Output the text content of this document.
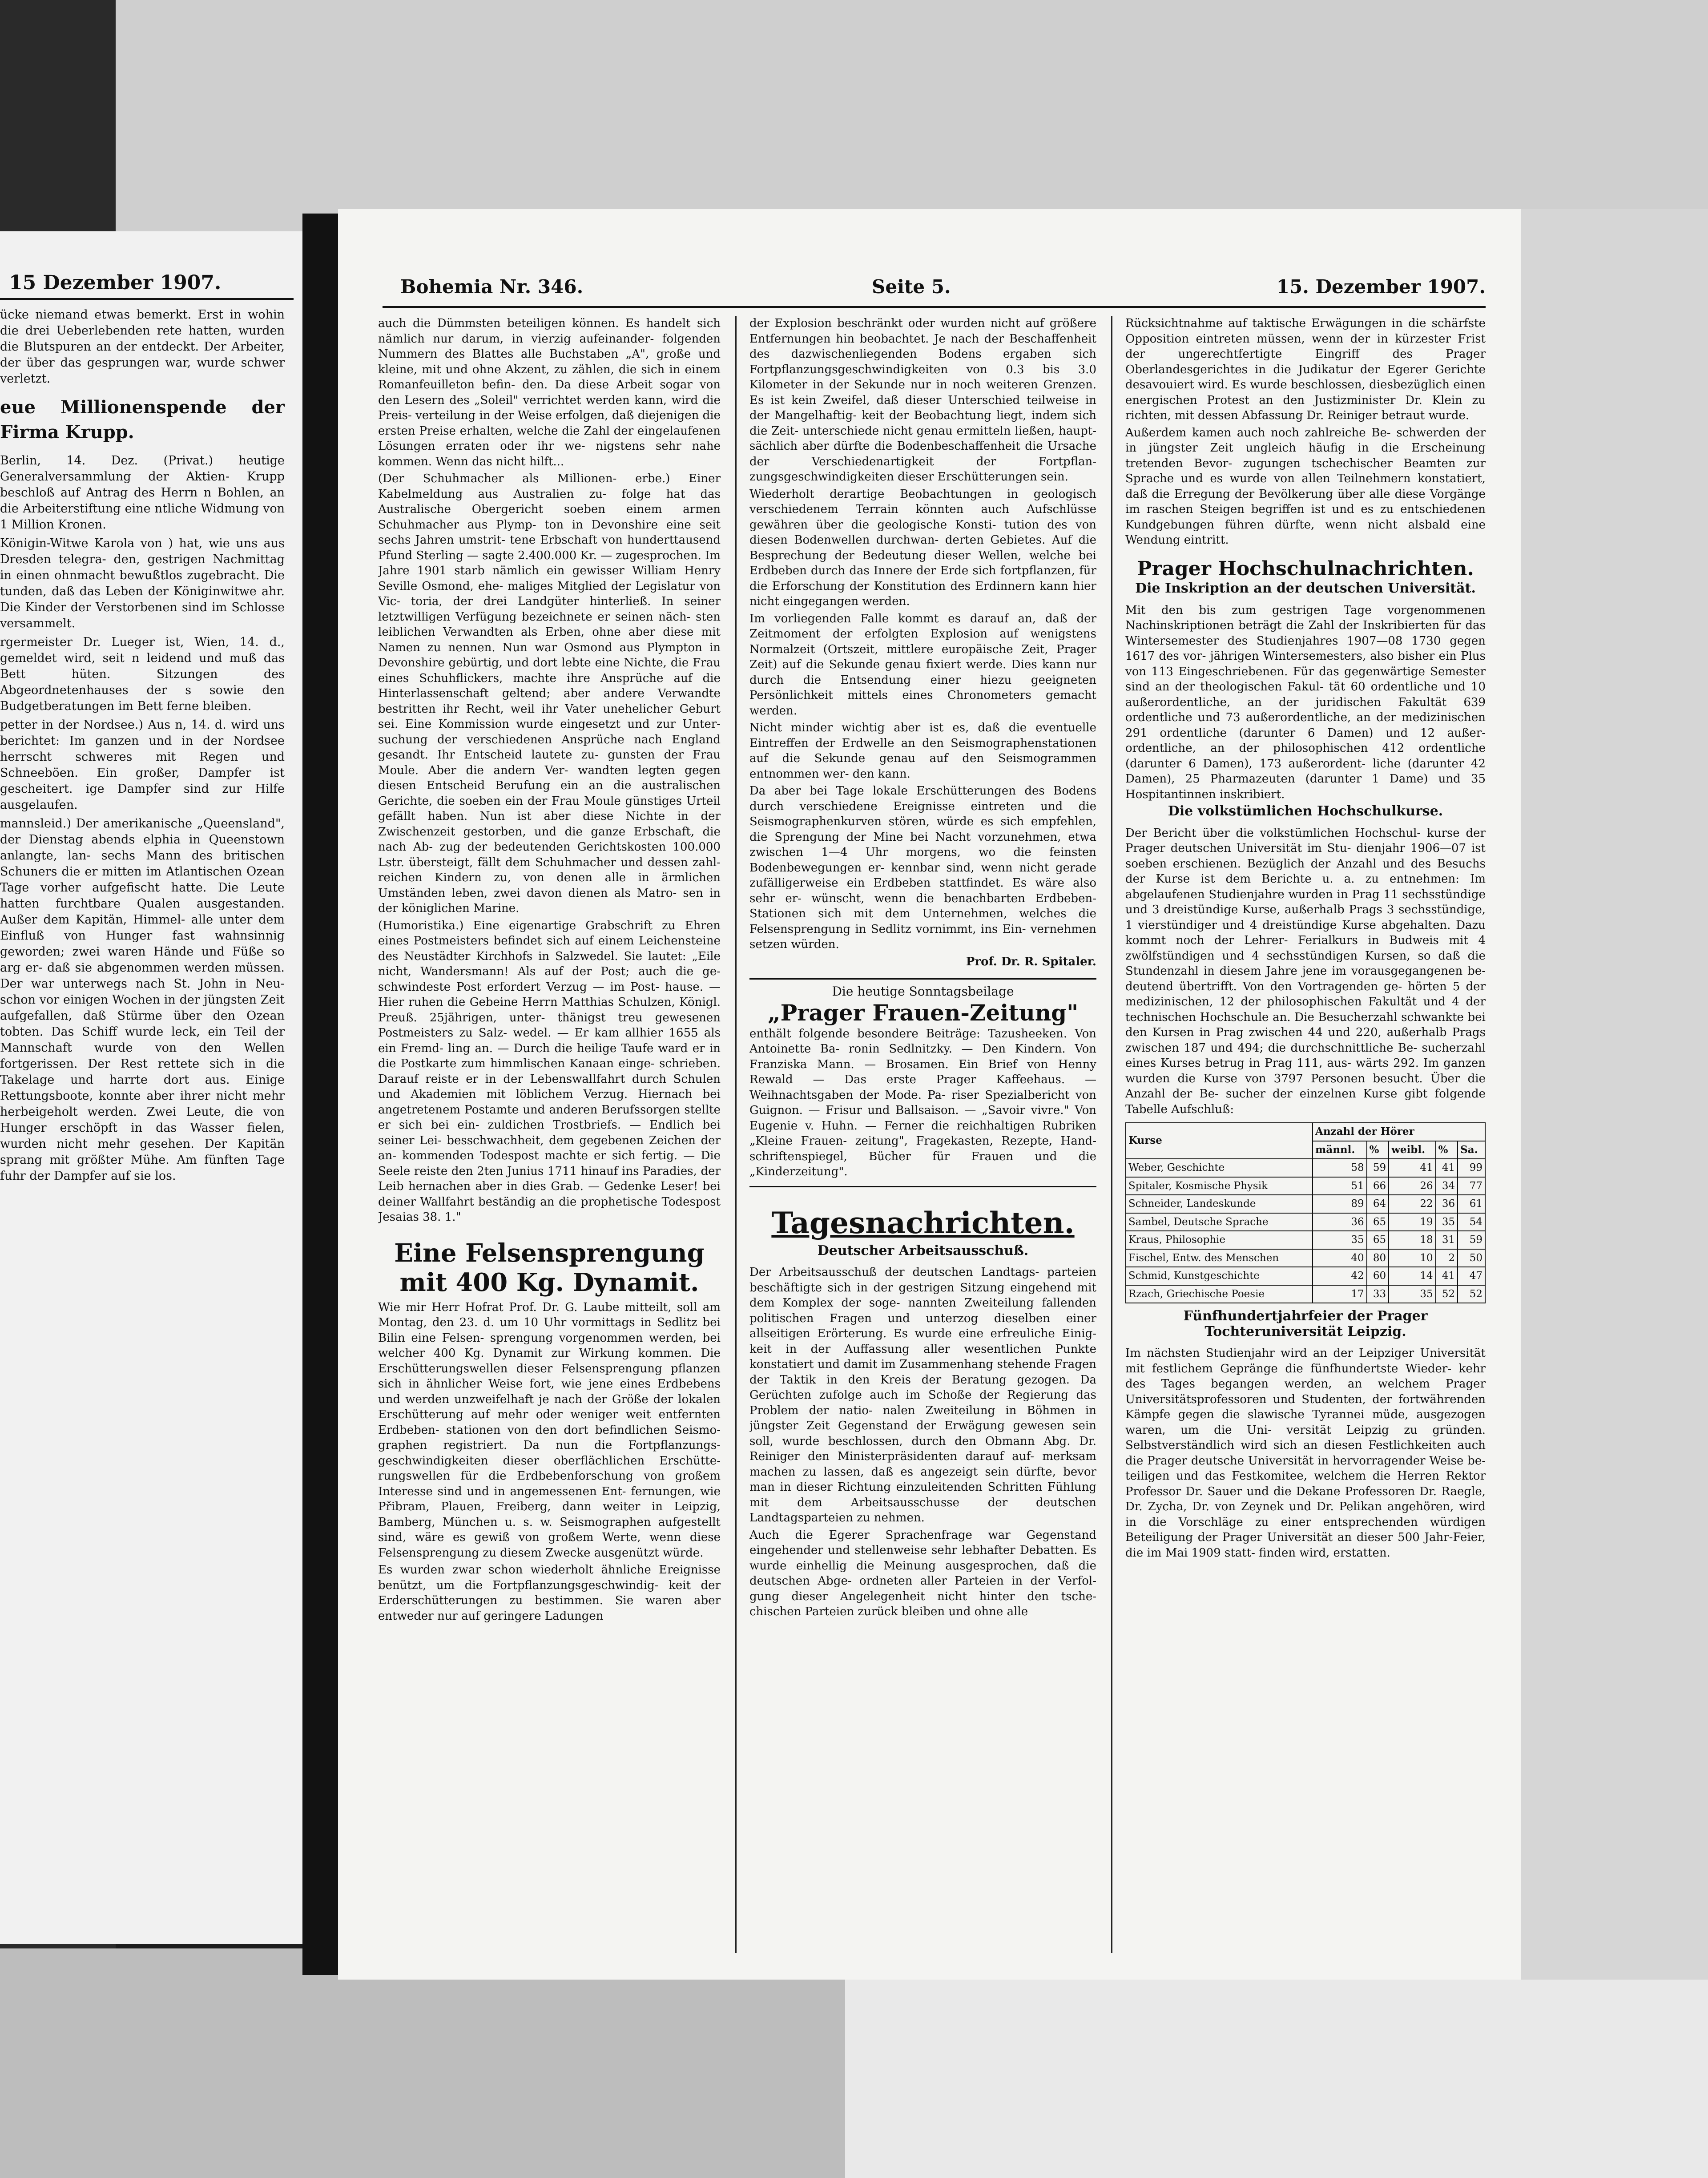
15 Dezember 1907.

ücke niemand etwas bemerkt. Erst in wohin die drei Ueberlebenden rete hatten, wurden die Blutspuren an der entdeckt. Der Arbeiter, der über das gesprungen war, wurde schwer verletzt.

eue Millionenspende der Firma Krupp.

Berlin, 14. Dez. (Privat.) heutige Generalversammlung der Aktien- Krupp beschloß auf Antrag des Herrn n Bohlen, an die Arbeiterstiftung eine ntliche Widmung von 1 Million Kronen.

Königin-Witwe Karola von ) hat, wie uns aus Dresden telegra- den, gestrigen Nachmittag in einen ohnmacht bewußtlos zugebracht. Die tunden, daß das Leben der Königinwitwe ahr. Die Kinder der Verstorbenen sind im Schlosse versammelt.

rgermeister Dr. Lueger ist, Wien, 14. d., gemeldet wird, seit n leidend und muß das Bett hüten. Sitzungen des Abgeordnetenhauses der s sowie den Budgetberatungen im Bett ferne bleiben.

petter in der Nordsee.) Aus n, 14. d. wird uns berichtet: Im ganzen und in der Nordsee herrscht schweres mit Regen und Schneeböen. Ein großer, Dampfer ist gescheitert. ige Dampfer sind zur Hilfe ausgelaufen.

mannsleid.) Der amerikanische „Queensland", der Dienstag abends elphia in Queenstown anlangte, lan- sechs Mann des britischen Schuners die er mitten im Atlantischen Ozean Tage vorher aufgefischt hatte. Die Leute hatten furchtbare Qualen ausgestanden. Außer dem Kapitän, Himmel- alle unter dem Einfluß von Hunger fast wahnsinnig geworden; zwei waren Hände und Füße so arg er- daß sie abgenommen werden müssen. Der war unterwegs nach St. John in Neu- schon vor einigen Wochen in der jüngsten Zeit aufgefallen, daß Stürme über den Ozean tobten. Das Schiff wurde leck, ein Teil der Mannschaft wurde von den Wellen fortgerissen. Der Rest rettete sich in die Takelage und harrte dort aus. Einige Rettungsboote, konnte aber ihrer nicht mehr herbeigeholt werden. Zwei Leute, die von Hunger erschöpft in das Wasser fielen, wurden nicht mehr gesehen. Der Kapitän sprang mit größter Mühe. Am fünften Tage fuhr der Dampfer auf sie los.

Bohemia Nr. 346.	Seite 5.	15. Dezember 1907.

auch die Dümmsten beteiligen können. Es handelt sich nämlich nur darum, in vierzig aufeinander- folgenden Nummern des Blattes alle Buchstaben „A", große und kleine, mit und ohne Akzent, zu zählen, die sich in einem Romanfeuilleton befin- den. Da diese Arbeit sogar von den Lesern des „Soleil" verrichtet werden kann, wird die Preis- verteilung in der Weise erfolgen, daß diejenigen die ersten Preise erhalten, welche die Zahl der eingelaufenen Lösungen erraten oder ihr we- nigstens sehr nahe kommen. Wenn das nicht hilft...

(Der Schuhmacher als Millionen- erbe.) Einer Kabelmeldung aus Australien zu- folge hat das Australische Obergericht soeben einem armen Schuhmacher aus Plymp- ton in Devonshire eine seit sechs Jahren umstrit- tene Erbschaft von hunderttausend Pfund Sterling — sagte 2.400.000 Kr. — zugesprochen. Im Jahre 1901 starb nämlich ein gewisser William Henry Seville Osmond, ehe- maliges Mitglied der Legislatur von Vic- toria, der drei Landgüter hinterließ. In seiner letztwilligen Verfügung bezeichnete er seinen näch- sten leiblichen Verwandten als Erben, ohne aber diese mit Namen zu nennen. Nun war Osmond aus Plympton in Devonshire gebürtig, und dort lebte eine Nichte, die Frau eines Schuhflickers, machte ihre Ansprüche auf die Hinterlassenschaft geltend; aber andere Verwandte bestritten ihr Recht, weil ihr Vater unehelicher Geburt sei. Eine Kommission wurde eingesetzt und zur Unter- suchung der verschiedenen Ansprüche nach England gesandt. Ihr Entscheid lautete zu- gunsten der Frau Moule. Aber die andern Ver- wandten legten gegen diesen Entscheid Berufung ein an die australischen Gerichte, die soeben ein der Frau Moule günstiges Urteil gefällt haben. Nun ist aber diese Nichte in der Zwischenzeit gestorben, und die ganze Erbschaft, die nach Ab- zug der bedeutenden Gerichtskosten 100.000 Lstr. übersteigt, fällt dem Schuhmacher und dessen zahl- reichen Kindern zu, von denen alle in ärmlichen Umständen leben, zwei davon dienen als Matro- sen in der königlichen Marine.

(Humoristika.) Eine eigenartige Grabschrift zu Ehren eines Postmeisters befindet sich auf einem Leichensteine des Neustädter Kirchhofs in Salzwedel. Sie lautet: „Eile nicht, Wandersmann! Als auf der Post; auch die ge- schwindeste Post erfordert Verzug — im Post- hause. — Hier ruhen die Gebeine Herrn Matthias Schulzen, Königl. Preuß. 25jährigen, unter- thänigst treu gewesenen Postmeisters zu Salz- wedel. — Er kam allhier 1655 als ein Fremd- ling an. — Durch die heilige Taufe ward er in die Postkarte zum himmlischen Kanaan einge- schrieben. Darauf reiste er in der Lebenswallfahrt durch Schulen und Akademien mit löblichem Verzug. Hiernach bei angetretenem Postamte und anderen Berufssorgen stellte er sich bei ein- zuldichen Trostbriefs. — Endlich bei seiner Lei- besschwachheit, dem gegebenen Zeichen der an- kommenden Todespost machte er sich fertig. — Die Seele reiste den 2ten Junius 1711 hinauf ins Paradies, der Leib hernachen aber in dies Grab. — Gedenke Leser! bei deiner Wallfahrt beständig an die prophetische Todespost Jesaias 38. 1."

Eine Felsensprengung mit 400 Kg. Dynamit.

Wie mir Herr Hofrat Prof. Dr. G. Laube mitteilt, soll am Montag, den 23. d. um 10 Uhr vormittags in Sedlitz bei Bilin eine Felsen- sprengung vorgenommen werden, bei welcher 400 Kg. Dynamit zur Wirkung kommen. Die Erschütterungswellen dieser Felsensprengung pflanzen sich in ähnlicher Weise fort, wie jene eines Erdbebens und werden unzweifelhaft je nach der Größe der lokalen Erschütterung auf mehr oder weniger weit entfernten Erdbeben- stationen von den dort befindlichen Seismo- graphen registriert. Da nun die Fortpflanzungs- geschwindigkeiten dieser oberflächlichen Erschütte- rungswellen für die Erdbebenforschung von großem Interesse sind und in angemessenen Ent- fernungen, wie Přibram, Plauen, Freiberg, dann weiter in Leipzig, Bamberg, München u. s. w. Seismographen aufgestellt sind, wäre es gewiß von großem Werte, wenn diese Felsensprengung zu diesem Zwecke ausgenützt würde.

Es wurden zwar schon wiederholt ähnliche Ereignisse benützt, um die Fortpflanzungsgeschwindig- keit der Erderschütterungen zu bestimmen. Sie waren aber entweder nur auf geringere Ladungen

der Explosion beschränkt oder wurden nicht auf größere Entfernungen hin beobachtet. Je nach der Beschaffenheit des dazwischenliegenden Bodens ergaben sich Fortpflanzungsgeschwindigkeiten von 0.3 bis 3.0 Kilometer in der Sekunde nur in noch weiteren Grenzen. Es ist kein Zweifel, daß dieser Unterschied teilweise in der Mangelhaftig- keit der Beobachtung liegt, indem sich die Zeit- unterschiede nicht genau ermitteln ließen, haupt- sächlich aber dürfte die Bodenbeschaffenheit die Ursache der Verschiedenartigkeit der Fortpflan- zungsgeschwindigkeiten dieser Erschütterungen sein.

Wiederholt derartige Beobachtungen in geologisch verschiedenem Terrain könnten auch Aufschlüsse gewähren über die geologische Konsti- tution des von diesen Bodenwellen durchwan- derten Gebietes. Auf die Besprechung der Bedeutung dieser Wellen, welche bei Erdbeben durch das Innere der Erde sich fortpflanzen, für die Erforschung der Konstitution des Erdinnern kann hier nicht eingegangen werden.

Im vorliegenden Falle kommt es darauf an, daß der Zeitmoment der erfolgten Explosion auf wenigstens Normalzeit (Ortszeit, mittlere europäische Zeit, Prager Zeit) auf die Sekunde genau fixiert werde. Dies kann nur durch die Entsendung einer hiezu geeigneten Persönlichkeit mittels eines Chronometers gemacht werden.

Nicht minder wichtig aber ist es, daß die eventuelle Eintreffen der Erdwelle an den Seismographenstationen auf die Sekunde genau auf den Seismogrammen entnommen wer- den kann.

Da aber bei Tage lokale Erschütterungen des Bodens durch verschiedene Ereignisse eintreten und die Seismographenkurven stören, würde es sich empfehlen, die Sprengung der Mine bei Nacht vorzunehmen, etwa zwischen 1—4 Uhr morgens, wo die feinsten Bodenbewegungen er- kennbar sind, wenn nicht gerade zufälligerweise ein Erdbeben stattfindet. Es wäre also sehr er- wünscht, wenn die benachbarten Erdbeben- Stationen sich mit dem Unternehmen, welches die Felsensprengung in Sedlitz vornimmt, ins Ein- vernehmen setzen würden.

Prof. Dr. R. Spitaler.
Die heutige Sonntagsbeilage
„Prager Frauen-Zeitung"

enthält folgende besondere Beiträge: Tazusheeken. Von Antoinette Ba- ronin Sedlnitzky. — Den Kindern. Von Franziska Mann. — Brosamen. Ein Brief von Henny Rewald — Das erste Prager Kaffeehaus. — Weihnachtsgaben der Mode. Pa- riser Spezialbericht von Guignon. — Frisur und Ballsaison. — „Savoir vivre." Von Eugenie v. Huhn. — Ferner die reichhaltigen Rubriken „Kleine Frauen- zeitung", Fragekasten, Rezepte, Hand- schriftenspiegel, Bücher für Frauen und die „Kinderzeitung".

Tagesnachrichten.
Deutscher Arbeitsausschuß.

Der Arbeitsausschuß der deutschen Landtags- parteien beschäftigte sich in der gestrigen Sitzung eingehend mit dem Komplex der soge- nannten Zweiteilung fallenden politischen Fragen und unterzog dieselben einer allseitigen Erörterung. Es wurde eine erfreuliche Einig- keit in der Auffassung aller wesentlichen Punkte konstatiert und damit im Zusammenhang stehende Fragen der Taktik in den Kreis der Beratung gezogen. Da Gerüchten zufolge auch im Schoße der Regierung das Problem der natio- nalen Zweiteilung in Böhmen in jüngster Zeit Gegenstand der Erwägung gewesen sein soll, wurde beschlossen, durch den Obmann Abg. Dr. Reiniger den Ministerpräsidenten darauf auf- merksam machen zu lassen, daß es angezeigt sein dürfte, bevor man in dieser Richtung einzuleitenden Schritten Fühlung mit dem Arbeitsausschusse der deutschen Landtagsparteien zu nehmen.

Auch die Egerer Sprachenfrage war Gegenstand eingehender und stellenweise sehr lebhafter Debatten. Es wurde einhellig die Meinung ausgesprochen, daß die deutschen Abge- ordneten aller Parteien in der Verfol- gung dieser Angelegenheit nicht hinter den tsche- chischen Parteien zurück bleiben und ohne alle

Rücksichtnahme auf taktische Erwägungen in die schärfste Opposition eintreten müssen, wenn der in kürzester Frist der ungerechtfertigte Eingriff des Prager Oberlandesgerichtes in die Judikatur der Egerer Gerichte desavouiert wird. Es wurde beschlossen, diesbezüglich einen energischen Protest an den Justizminister Dr. Klein zu richten, mit dessen Abfassung Dr. Reiniger betraut wurde.

Außerdem kamen auch noch zahlreiche Be- schwerden der in jüngster Zeit ungleich häufig in die Erscheinung tretenden Bevor- zugungen tschechischer Beamten zur Sprache und es wurde von allen Teilnehmern konstatiert, daß die Erregung der Bevölkerung über alle diese Vorgänge im raschen Steigen begriffen ist und es zu entschiedenen Kundgebungen führen dürfte, wenn nicht alsbald eine Wendung eintritt.

Prager Hochschulnachrichten.
Die Inskription an der deutschen Universität.

Mit den bis zum gestrigen Tage vorgenommenen Nachinskriptionen beträgt die Zahl der Inskribierten für das Wintersemester des Studienjahres 1907—08 1730 gegen 1617 des vor- jährigen Wintersemesters, also bisher ein Plus von 113 Eingeschriebenen. Für das gegenwärtige Semester sind an der theologischen Fakul- tät 60 ordentliche und 10 außerordentliche, an der juridischen Fakultät 639 ordentliche und 73 außerordentliche, an der medizinischen 291 ordentliche (darunter 6 Damen) und 12 außer- ordentliche, an der philosophischen 412 ordentliche (darunter 6 Damen), 173 außerordent- liche (darunter 42 Damen), 25 Pharmazeuten (darunter 1 Dame) und 35 Hospitantinnen inskribiert.

Die volkstümlichen Hochschulkurse.

Der Bericht über die volkstümlichen Hochschul- kurse der Prager deutschen Universität im Stu- dienjahr 1906—07 ist soeben erschienen. Bezüglich der Anzahl und des Besuchs der Kurse ist dem Berichte u. a. zu entnehmen: Im abgelaufenen Studienjahre wurden in Prag 11 sechsstündige und 3 dreistündige Kurse, außerhalb Prags 3 sechsstündige, 1 vierstündiger und 4 dreistündige Kurse abgehalten. Dazu kommt noch der Lehrer- Ferialkurs in Budweis mit 4 zwölfstündigen und 4 sechsstündigen Kursen, so daß die Stundenzahl in diesem Jahre jene im vorausgegangenen be- deutend übertrifft. Von den Vortragenden ge- hörten 5 der medizinischen, 12 der philosophischen Fakultät und 4 der technischen Hochschule an. Die Besucherzahl schwankte bei den Kursen in Prag zwischen 44 und 220, außerhalb Prags zwischen 187 und 494; die durchschnittliche Be- sucherzahl eines Kurses betrug in Prag 111, aus- wärts 292. Im ganzen wurden die Kurse von 3797 Personen besucht. Über die Anzahl der Be- sucher der einzelnen Kurse gibt folgende Tabelle Aufschluß:

Kurse	Anzahl der Hörer				
	männl.	%	weibl.	%	Sa.
Weber, Geschichte	58	59	41	41	99
Spitaler, Kosmische Physik	51	66	26	34	77
Schneider, Landeskunde	89	64	22	36	61
Sambel, Deutsche Sprache	36	65	19	35	54
Kraus, Philosophie	35	65	18	31	59
Fischel, Entw. des Menschen	40	80	10	2	50
Schmid, Kunstgeschichte	42	60	14	41	47
Rzach, Griechische Poesie	17	33	35	52	52
Fünfhundertjahrfeier der Prager Tochteruniversität Leipzig.

Im nächsten Studienjahr wird an der Leipziger Universität mit festlichem Gepränge die fünfhundertste Wieder- kehr des Tages begangen werden, an welchem Prager Universitätsprofessoren und Studenten, der fortwährenden Kämpfe gegen die slawische Tyrannei müde, ausgezogen waren, um die Uni- versität Leipzig zu gründen. Selbstverständlich wird sich an diesen Festlichkeiten auch die Prager deutsche Universität in hervorragender Weise be- teiligen und das Festkomitee, welchem die Herren Rektor Professor Dr. Sauer und die Dekane Professoren Dr. Raegle, Dr. Zycha, Dr. von Zeynek und Dr. Pelikan angehören, wird in die Vorschläge zu einer entsprechenden würdigen Beteiligung der Prager Universität an dieser 500 Jahr-Feier, die im Mai 1909 statt- finden wird, erstatten.
